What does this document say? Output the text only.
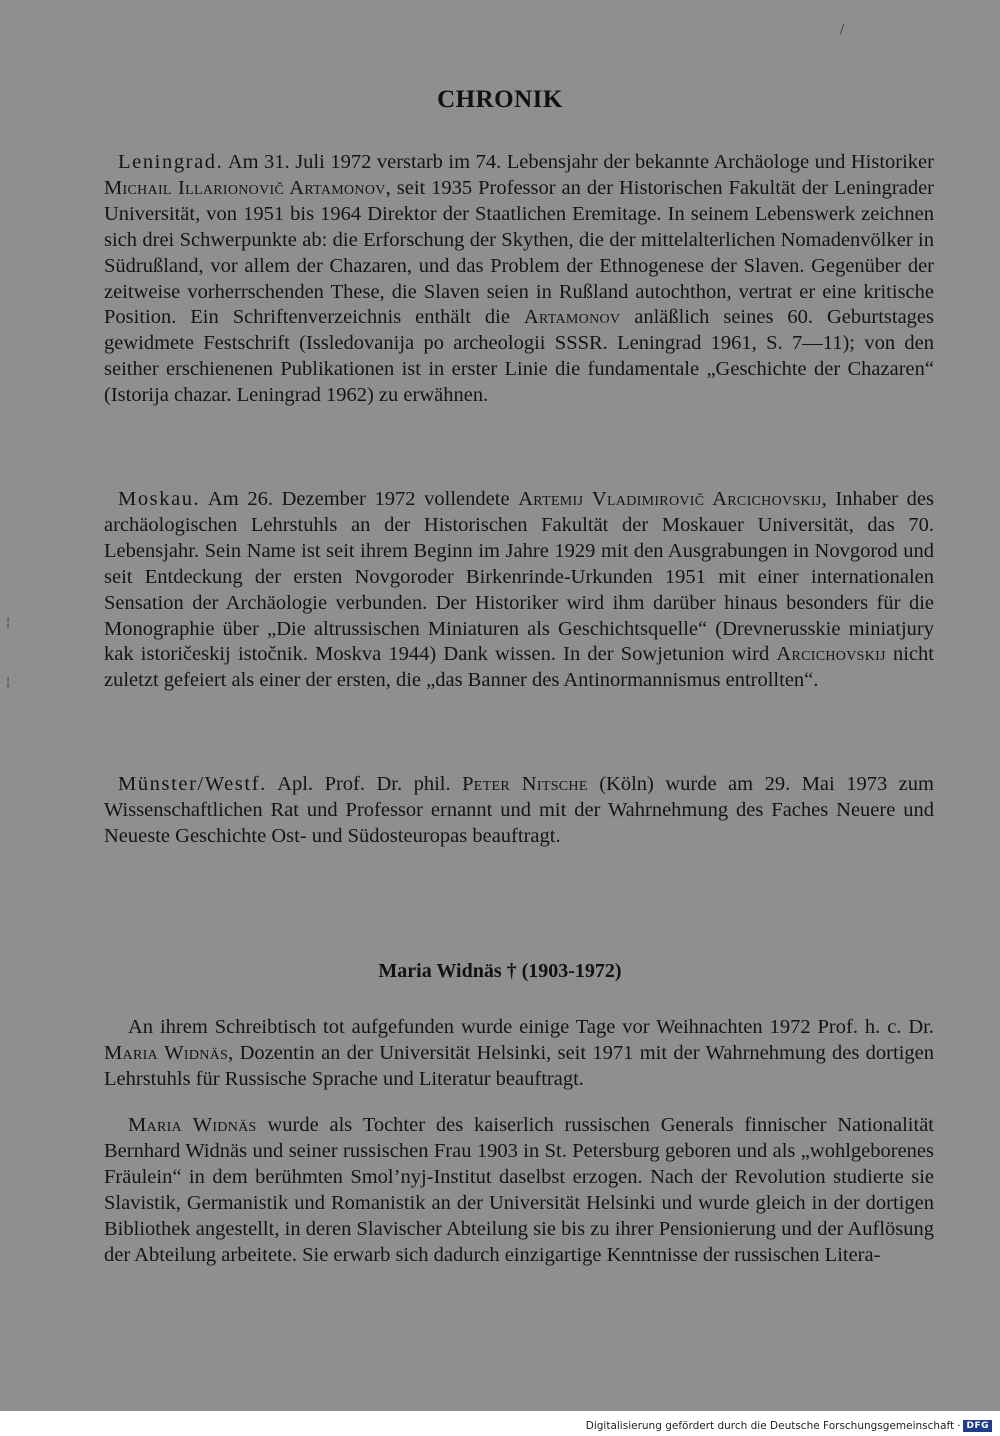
CHRONIK

Leningrad. Am 31. Juli 1972 verstarb im 74. Lebensjahr der bekannte Archäologe und Historiker Michail Illarionovič Artamonov, seit 1935 Professor an der Historischen Fakultät der Leningrader Universität, von 1951 bis 1964 Direktor der Staatlichen Eremitage. In seinem Lebenswerk zeichnen sich drei Schwerpunkte ab: die Erforschung der Skythen, die der mittelalterlichen Nomadenvölker in Südrußland, vor allem der Chazaren, und das Problem der Ethnogenese der Slaven. Gegenüber der zeitweise vorherrschenden These, die Slaven seien in Rußland autochthon, vertrat er eine kritische Position. Ein Schriftenverzeichnis enthält die Artamonov anläßlich seines 60. Geburtstages gewidmete Festschrift (Issledovanija po archeologii SSSR. Leningrad 1961, S. 7—11); von den seither erschienenen Publikationen ist in erster Linie die fundamentale „Geschichte der Chazaren“ (Istorija chazar. Leningrad 1962) zu erwähnen.

Moskau. Am 26. Dezember 1972 vollendete Artemij Vladimirovič Arcichovskij, Inhaber des archäologischen Lehrstuhls an der Historischen Fakultät der Moskauer Universität, das 70. Lebensjahr. Sein Name ist seit ihrem Beginn im Jahre 1929 mit den Ausgrabungen in Novgorod und seit Entdeckung der ersten Novgoroder Birkenrinde-Urkunden 1951 mit einer internationalen Sensation der Archäologie verbunden. Der Historiker wird ihm darüber hinaus besonders für die Monographie über „Die altrussischen Miniaturen als Geschichtsquelle“ (Drevnerusskie miniatjury kak istoričeskij istočnik. Moskva 1944) Dank wissen. In der Sowjetunion wird Arcichovskij nicht zuletzt gefeiert als einer der ersten, die „das Banner des Antinormannismus entrollten“.

Münster/Westf. Apl. Prof. Dr. phil. Peter Nitsche (Köln) wurde am 29. Mai 1973 zum Wissenschaftlichen Rat und Professor ernannt und mit der Wahrnehmung des Faches Neuere und Neueste Geschichte Ost- und Südosteuropas beauftragt.

Maria Widnäs † (1903-1972)

An ihrem Schreibtisch tot aufgefunden wurde einige Tage vor Weihnachten 1972 Prof. h. c. Dr. Maria Widnäs, Dozentin an der Universität Helsinki, seit 1971 mit der Wahrnehmung des dortigen Lehrstuhls für Russische Sprache und Literatur beauftragt.

Maria Widnäs wurde als Tochter des kaiserlich russischen Generals finnischer Nationalität Bernhard Widnäs und seiner russischen Frau 1903 in St. Petersburg geboren und als „wohlgeborenes Fräulein“ in dem berühmten Smol’nyj-Institut daselbst erzogen. Nach der Revolution studierte sie Slavistik, Germanistik und Romanistik an der Universität Helsinki und wurde gleich in der dortigen Bibliothek angestellt, in deren Slavischer Abteilung sie bis zu ihrer Pensionierung und der Auflösung der Abteilung arbeitete. Sie erwarb sich dadurch einzigartige Kenntnisse der russischen Litera-

¦
¦
/
Digitalisierung gefördert durch die Deutsche Forschungsgemeinschaft · DFG
